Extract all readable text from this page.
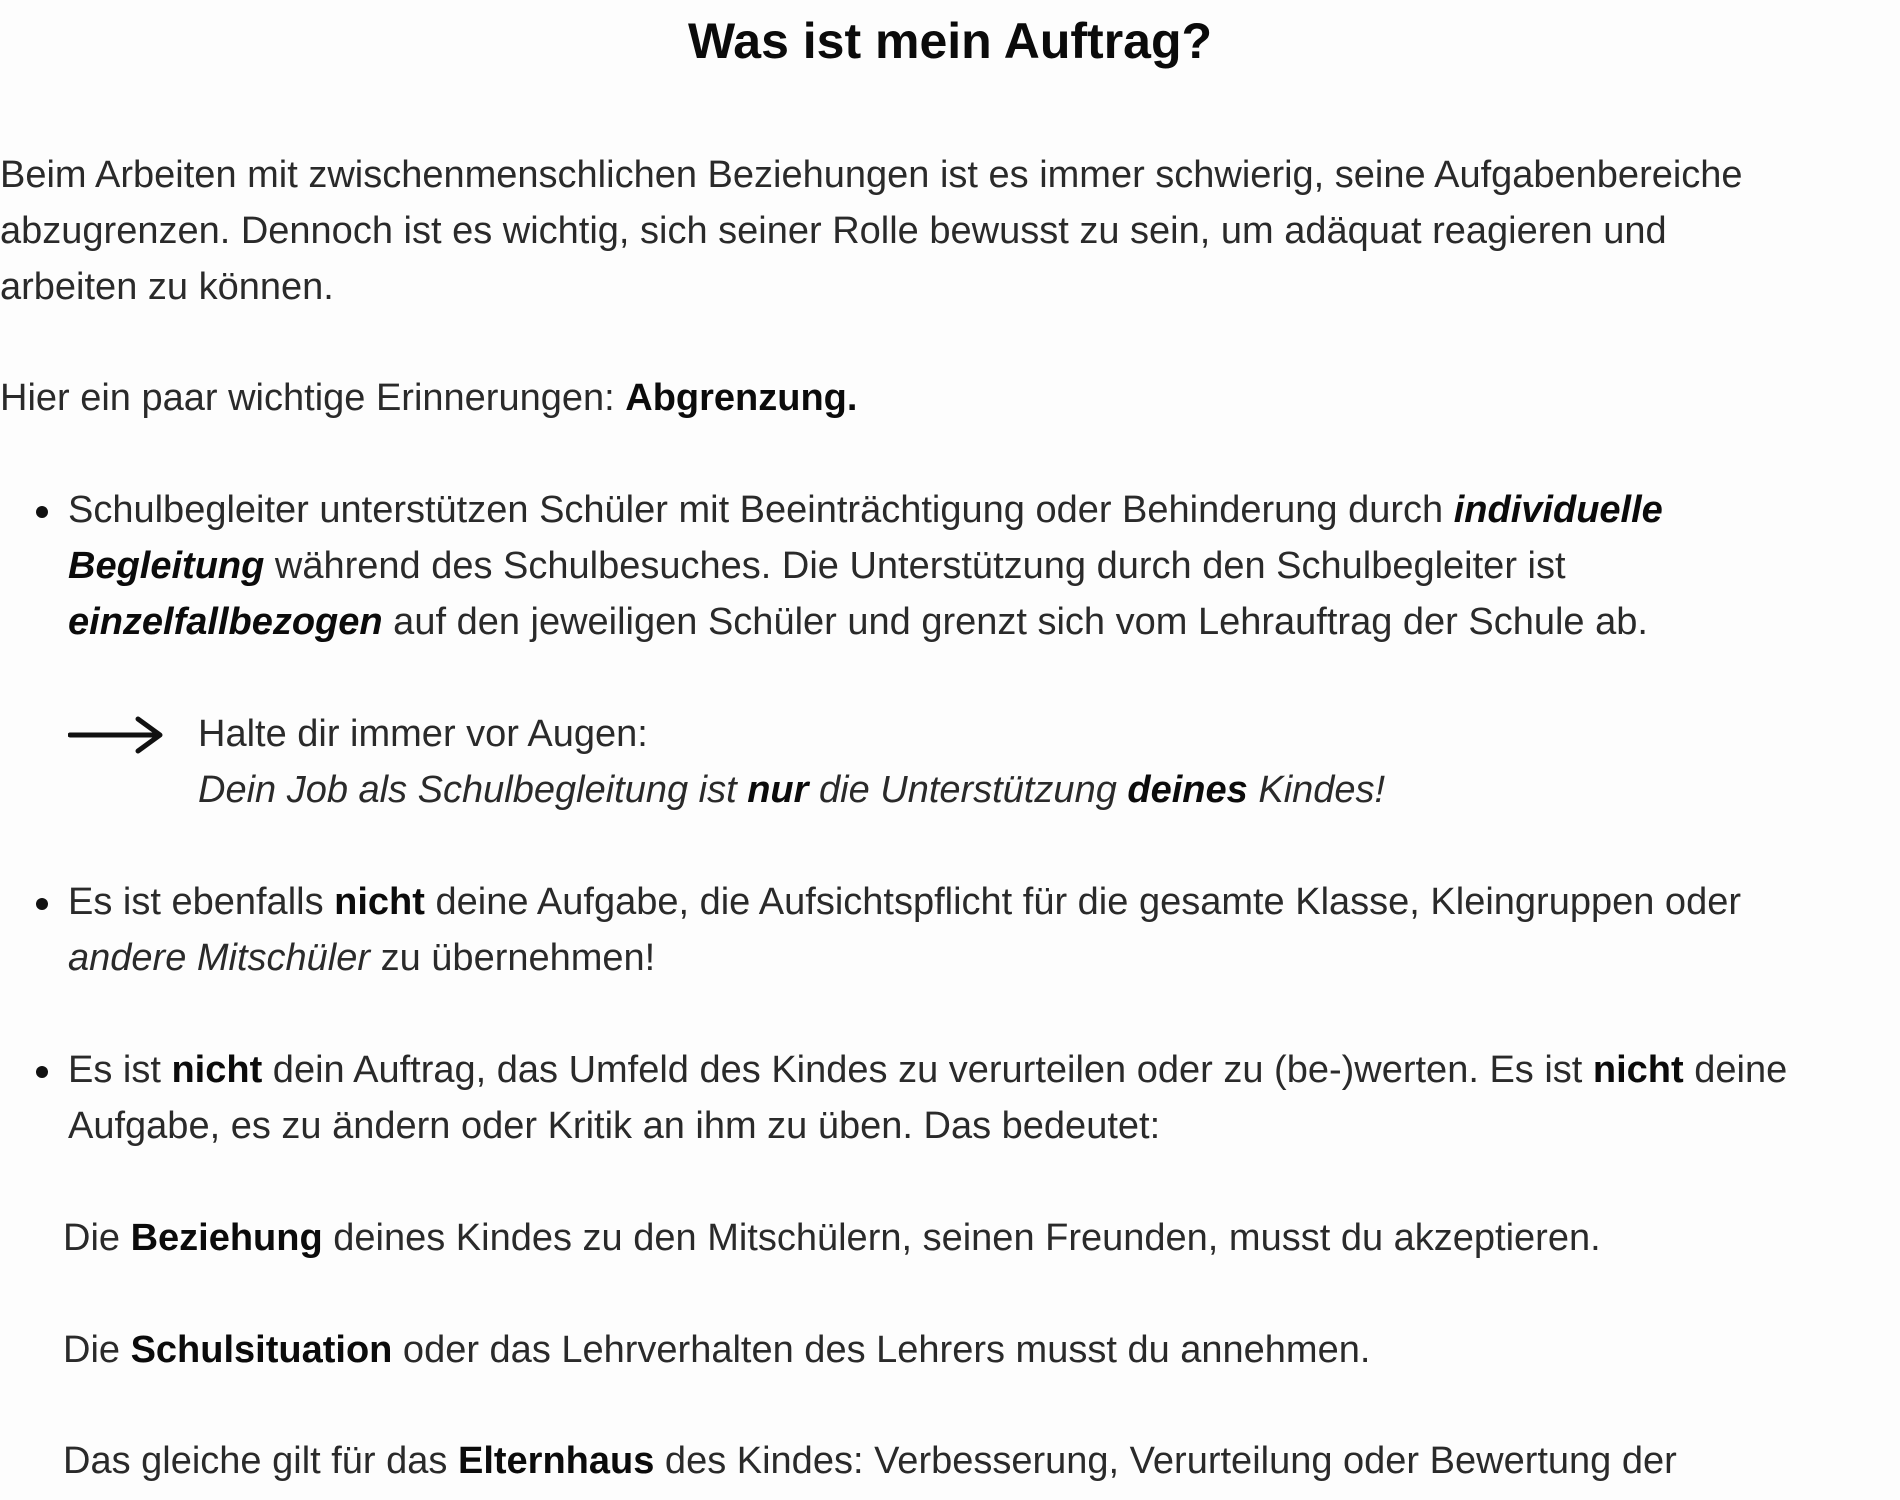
Was ist mein Auftrag?

Beim Arbeiten mit zwischenmenschlichen Beziehungen ist es immer schwierig, seine Aufgabenbereiche

abzugrenzen. Dennoch ist es wichtig, sich seiner Rolle bewusst zu sein, um adäquat reagieren und

arbeiten zu können.

Hier ein paar wichtige Erinnerungen: Abgrenzung.

Schulbegleiter unterstützen Schüler mit Beeinträchtigung oder Behinderung durch individuelle

Begleitung während des Schulbesuches. Die Unterstützung durch den Schulbegleiter ist

einzelfallbezogen auf den jeweiligen Schüler und grenzt sich vom Lehrauftrag der Schule ab.

Halte dir immer vor Augen:

Dein Job als Schulbegleitung ist nur die Unterstützung deines Kindes!

Es ist ebenfalls nicht deine Aufgabe, die Aufsichtspflicht für die gesamte Klasse, Kleingruppen oder

andere Mitschüler zu übernehmen!

Es ist nicht dein Auftrag, das Umfeld des Kindes zu verurteilen oder zu (be-)werten. Es ist nicht deine

Aufgabe, es zu ändern oder Kritik an ihm zu üben. Das bedeutet:

Die Beziehung deines Kindes zu den Mitschülern, seinen Freunden, musst du akzeptieren.

Die Schulsituation oder das Lehrverhalten des Lehrers musst du annehmen.

Das gleiche gilt für das Elternhaus des Kindes: Verbesserung, Verurteilung oder Bewertung der
